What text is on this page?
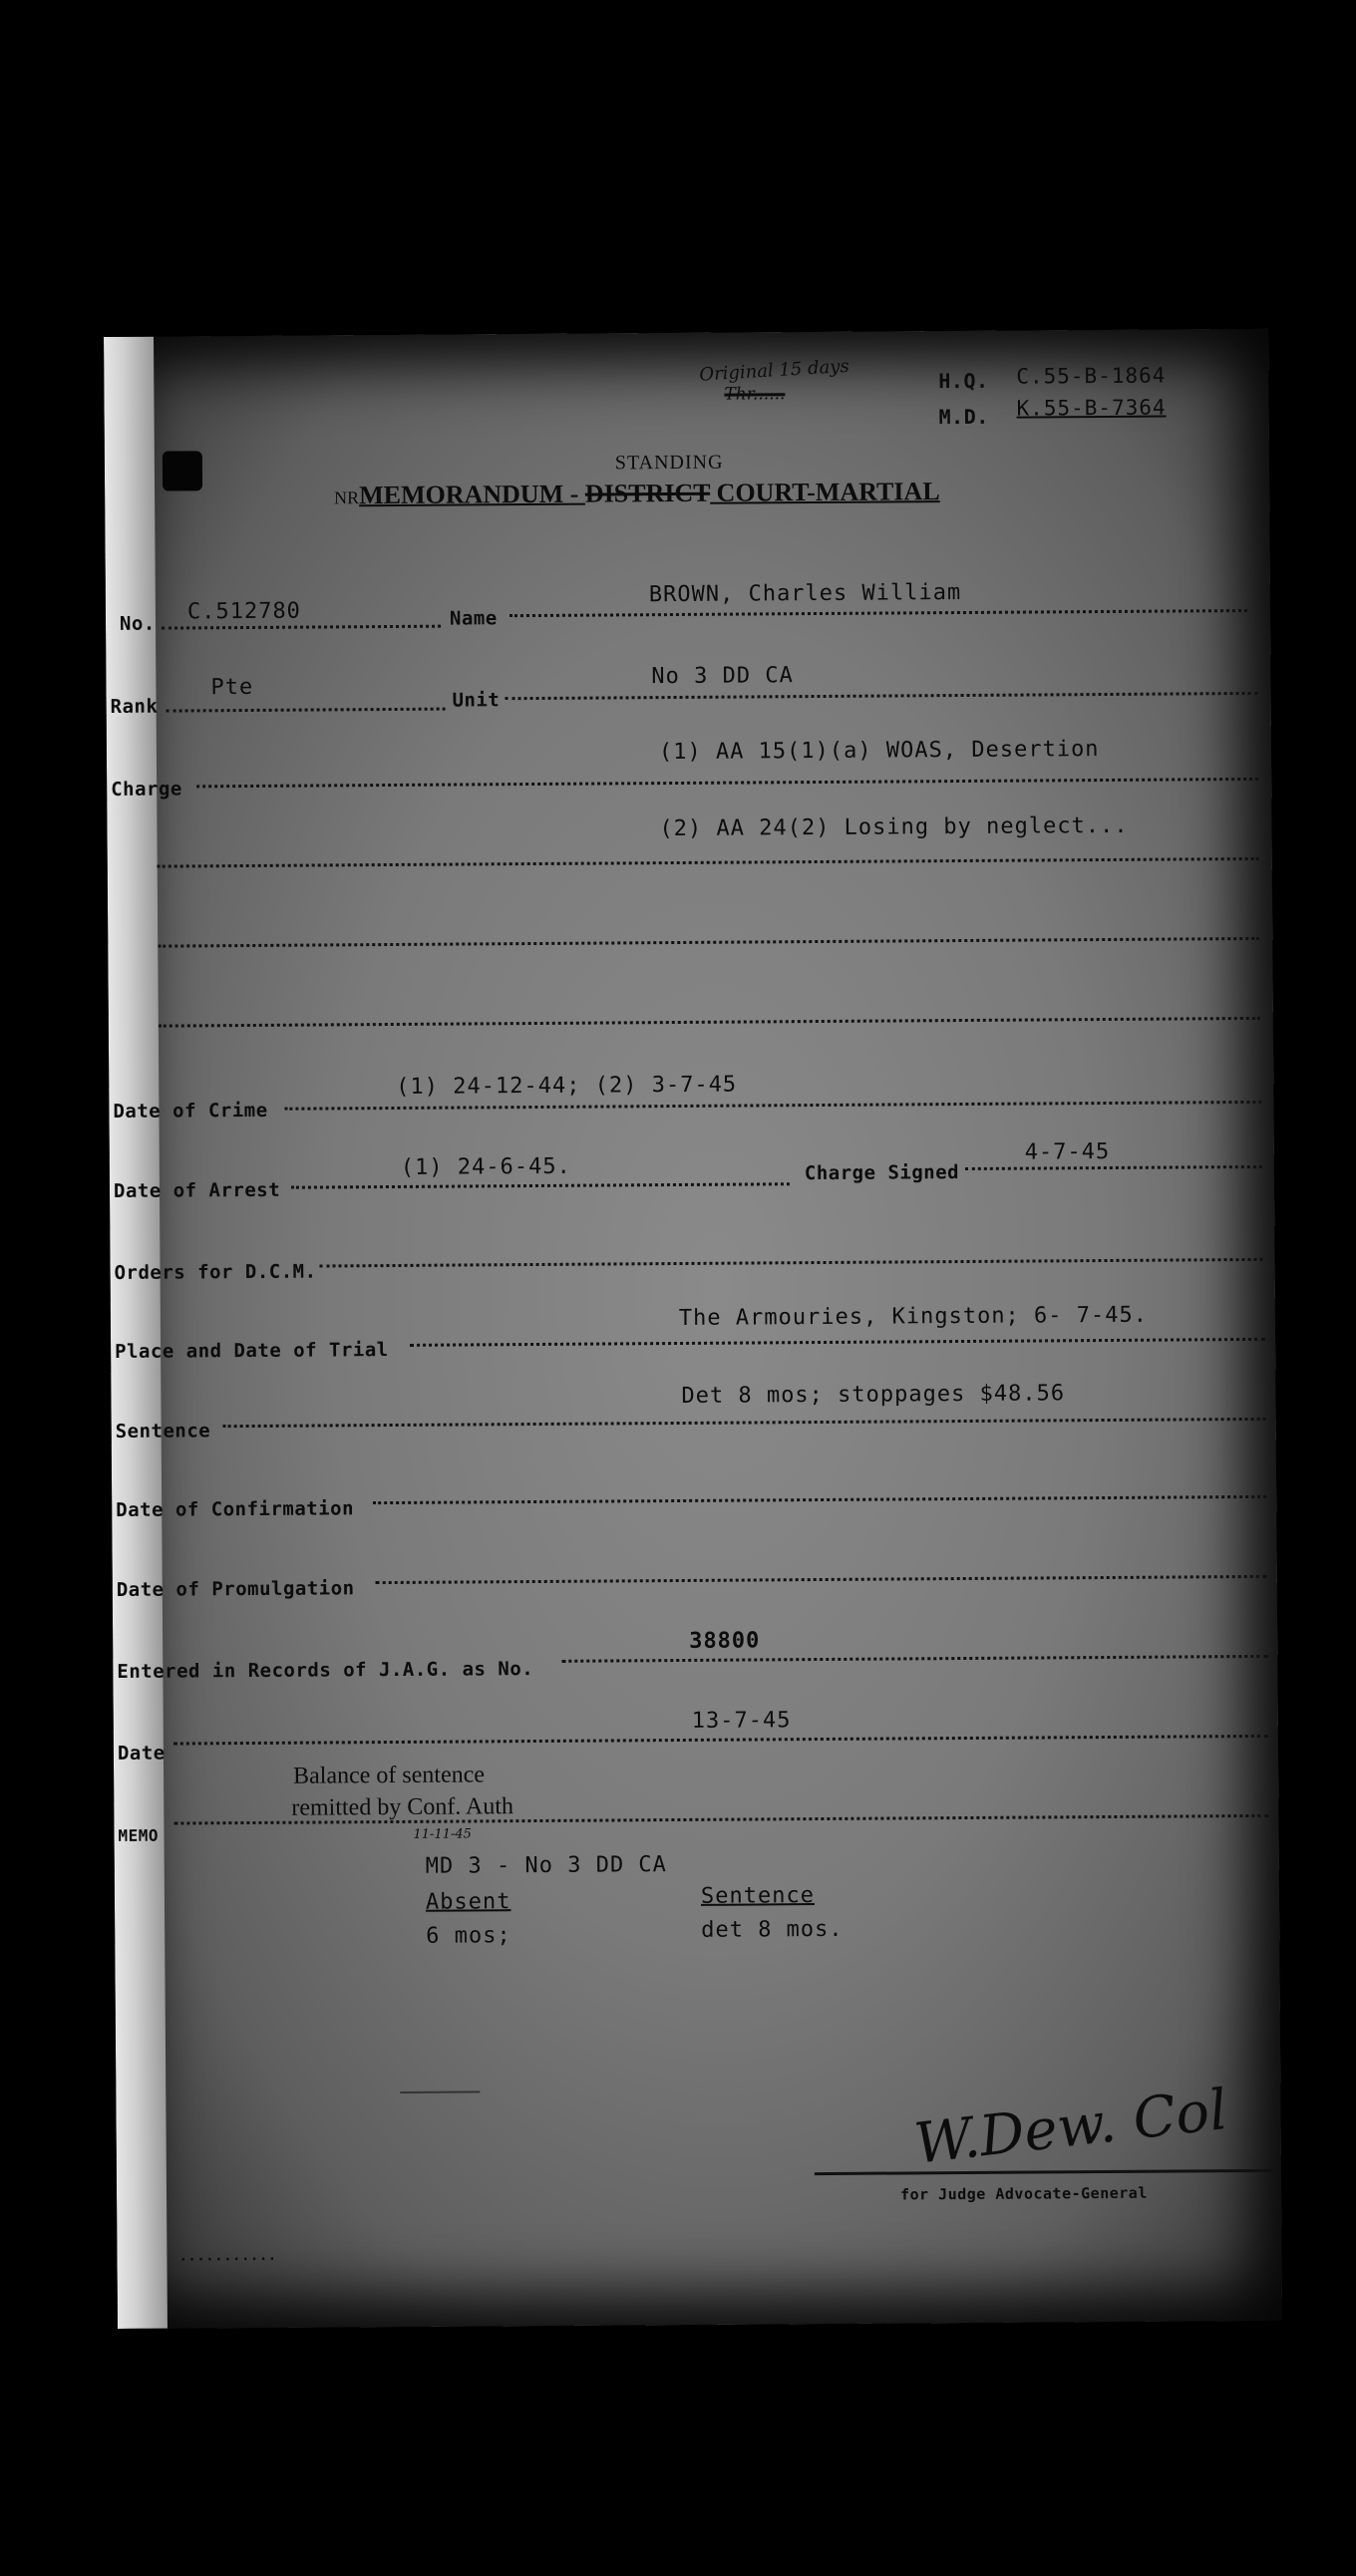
Original 15 days
Thr......
H.Q. C.55-B-1864
M.D. K.55-B-7364
STANDING
NRMEMORANDUM - DISTRICT COURT-MARTIAL
No. C.512780	Name
BROWN, Charles William
Rank
Pte
Unit
No 3 DD CA
Charge
(1) AA 15(1)(a) WOAS, Desertion
(2) AA 24(2) Losing by neglect...
Date of Crime
(1) 24-12-44; (2) 3-7-45
Date of Arrest
(1) 24-6-45.	Charge Signed
4-7-45
Orders for D.C.M.
Place and Date of Trial
The Armouries, Kingston; 6- 7-45.
Sentence
Det 8 mos; stoppages $48.56
Date of Confirmation
Date of Promulgation
Entered in Records of J.A.G. as No.
38800
Date
13-7-45
Balance of sentence
remitted by Conf. Auth
11-11-45
MEMO
MD 3 - No 3 DD CA
Absent
6 mos;
Sentence
det 8 mos.
W.Dew. Col
for Judge Advocate-General
...........
